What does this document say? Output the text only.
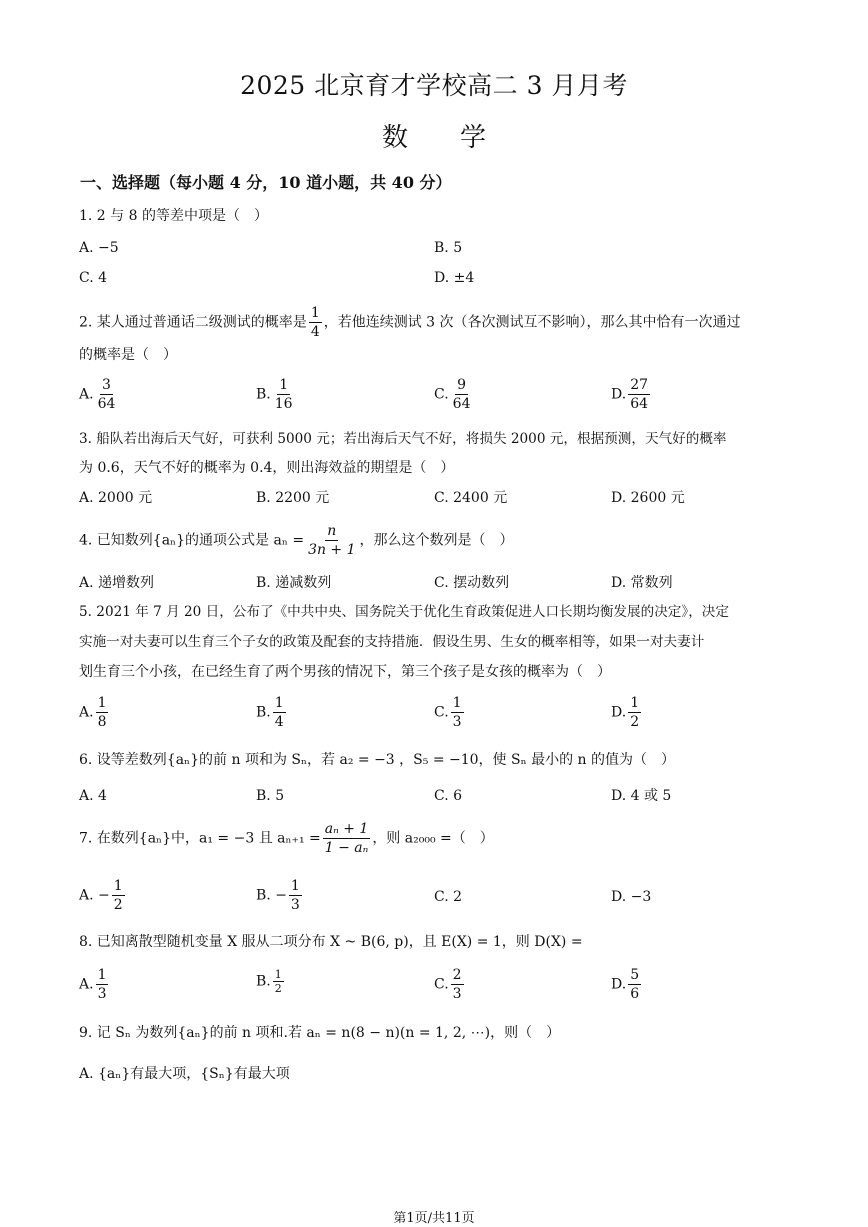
2025 北京育才学校高二 3 月月考
数　　学
一、选择题（每小题 4 分，10 道小题，共 40 分）
1. 2 与 8 的等差中项是（　）
A. −5	B. 5
C. 4	D. ±4
2. 某人通过普通话二级测试的概率是 $\frac{1}{4}$ ，若他连续测试 3 次（各次测试互不影响），那么其中恰有一次通过
的概率是（　）
A. $\frac{3}{64}$	B. $\frac{1}{16}$	C. $\frac{9}{64}$	D. $\frac{27}{64}$
3. 船队若出海后天气好，可获利 5000 元；若出海后天气不好，将损失 2000 元，根据预测，天气好的概率
为 0.6，天气不好的概率为 0.4，则出海效益的期望是（　）
A. 2000 元	B. 2200 元	C. 2400 元	D. 2600 元
4. 已知数列{aₙ}的通项公式是 $a_n = \frac{n}{3n + 1}$ ，那么这个数列是（　）
A. 递增数列	B. 递减数列	C. 摆动数列	D. 常数列
5. 2021 年 7 月 20 日，公布了《中共中央、国务院关于优化生育政策促进人口长期均衡发展的决定》，决定
实施一对夫妻可以生育三个子女的政策及配套的支持措施．假设生男、生女的概率相等，如果一对夫妻计
划生育三个小孩，在已经生育了两个男孩的情况下，第三个孩子是女孩的概率为（　）
A. $\frac{1}{8}$	B. $\frac{1}{4}$	C. $\frac{1}{3}$	D. $\frac{1}{2}$
6. 设等差数列{aₙ}的前 n 项和为 Sₙ，若 a₂ = −3 ，S₅ = −10，使 Sₙ 最小的 n 的值为（　）
A. 4	B. 5	C. 6	D. 4 或 5
7. 在数列{aₙ}中，a₁ = −3 且 $a_{n+1} = \frac{\text{aₙ + 1}}{\text{1 − aₙ}}$ ，则 a₂₀₀₀ =（　）
A. − $\frac{1}{2}$	B. − $\frac{1}{3}$	C. 2	D. −3
8. 已知离散型随机变量 X 服从二项分布 X ~ B(6, p)，且 E(X) = 1，则 D(X) =
A. $\frac{1}{3}$	B. $\frac{1}{2}$	C. $\frac{2}{3}$	D. $\frac{5}{6}$
9. 记 Sₙ 为数列{aₙ}的前 n 项和.若 aₙ = n(8 − n)(n = 1, 2, ⋯)，则（　）
A. {aₙ}有最大项，{Sₙ}有最大项
第1页/共11页
